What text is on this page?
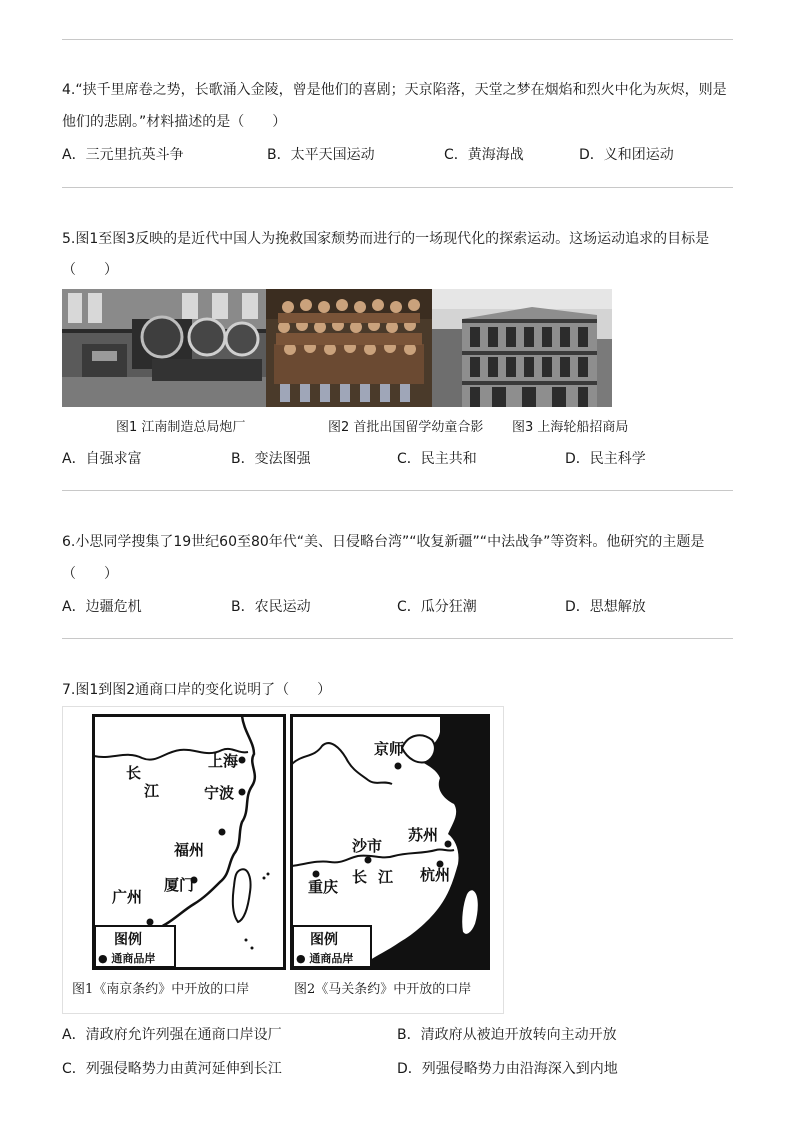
4.“挟千里席卷之势，长歌涌入金陵，曾是他们的喜剧；天京陷落，天堂之梦在烟焰和烈火中化为灰烬，则是
他们的悲剧。”材料描述的是（　　）
A．三元里抗英斗争	B．太平天国运动	C．黄海海战	D．义和团运动
5.图1至图3反映的是近代中国人为挽救国家颓势而进行的一场现代化的探索运动。这场运动追求的目标是
（　　）
图1 江南制造总局炮厂	图2 首批出国留学幼童合影 图3 上海轮船招商局
A．自强求富	B．变法图强	C．民主共和	D．民主科学
6.小思同学搜集了19世纪60至80年代“美、日侵略台湾”“收复新疆”“中法战争”等资料。他研究的主题是
（　　）
A．边疆危机	B．农民运动	C．瓜分狂潮	D．思想解放
7.图1到图2通商口岸的变化说明了（　　）
长
江
上海
宁波
福州
厦门
广州
图例
● 通商品岸
京师
苏州
沙市
长 江
重庆
杭州
图例
● 通商品岸
图1《南京条约》中开放的口岸	图2《马关条约》中开放的口岸
A．清政府允许列强在通商口岸设厂	B．清政府从被迫开放转向主动开放
C．列强侵略势力由黄河延伸到长江	D．列强侵略势力由沿海深入到内地
